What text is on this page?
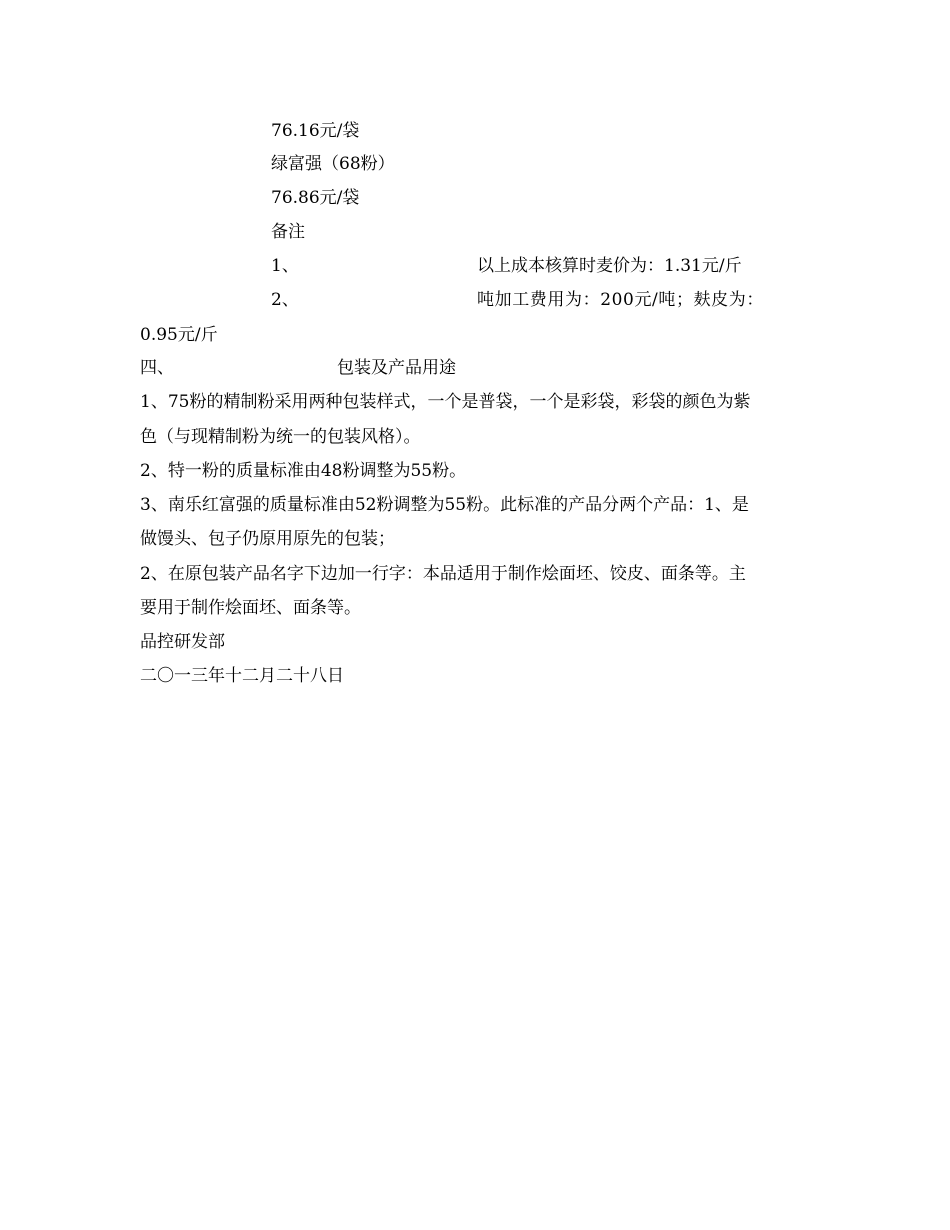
76.16元/袋
绿富强（68粉）
76.86元/袋
备注
1、	以上成本核算时麦价为：1.31元/斤
2、	吨加工费用为：200元/吨；麸皮为：
0.95元/斤
四、	包装及产品用途
1、75粉的精制粉采用两种包装样式，一个是普袋，一个是彩袋，彩袋的颜色为紫
色（与现精制粉为统一的包装风格）。
2、特一粉的质量标准由48粉调整为55粉。
3、南乐红富强的质量标准由52粉调整为55粉。此标准的产品分两个产品：1、是
做馒头、包子仍原用原先的包装；
2、在原包装产品名字下边加一行字：本品适用于制作烩面坯、饺皮、面条等。主
要用于制作烩面坯、面条等。
品控研发部
二〇一三年十二月二十八日
